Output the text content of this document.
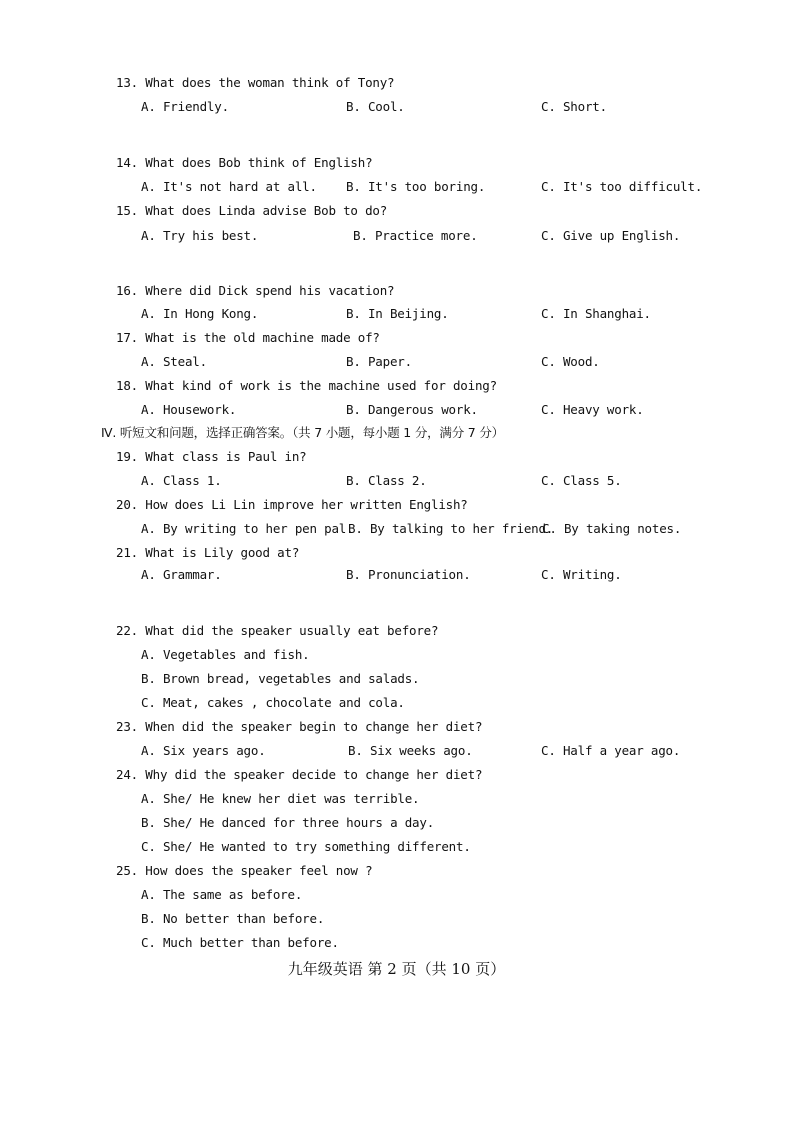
13. What does the woman think of Tony?
A. Friendly.	B. Cool.	C. Short.
14. What does Bob think of English?
A. It's not hard at all. B. It's too boring.	C. It's too difficult.
15. What does Linda advise Bob to do?
A. Try his best.	B. Practice more.	C. Give up English.
16. Where did Dick spend his vacation?
A. In Hong Kong.	B. In Beijing.	C. In Shanghai.
17. What is the old machine made of?
A. Steal.	B. Paper.	C. Wood.
18. What kind of work is the machine used for doing?
A. Housework.	B. Dangerous work.	C. Heavy work.
Ⅳ. 听短文和问题，选择正确答案。（共 7 小题，每小题 1 分，满分 7 分）
19. What class is Paul in?
A. Class 1.	B. Class 2.	C. Class 5.
20. How does Li Lin improve her written English?
A. By writing to her pen pal.
B. By talking to her friend.
C. By taking notes.
21. What is Lily good at?
A. Grammar.	B. Pronunciation.	C. Writing.
22. What did the speaker usually eat before?
A. Vegetables and fish.
B. Brown bread, vegetables and salads.
C. Meat, cakes , chocolate and cola.
23. When did the speaker begin to change her diet?
A. Six years ago.	B. Six weeks ago.	C. Half a year ago.
24. Why did the speaker decide to change her diet?
A. She/ He knew her diet was terrible.
B. She/ He danced for three hours a day.
C. She/ He wanted to try something different.
25. How does the speaker feel now ?
A. The same as before.
B. No better than before.
C. Much better than before.
九年级英语 第 2 页（共 10 页）
